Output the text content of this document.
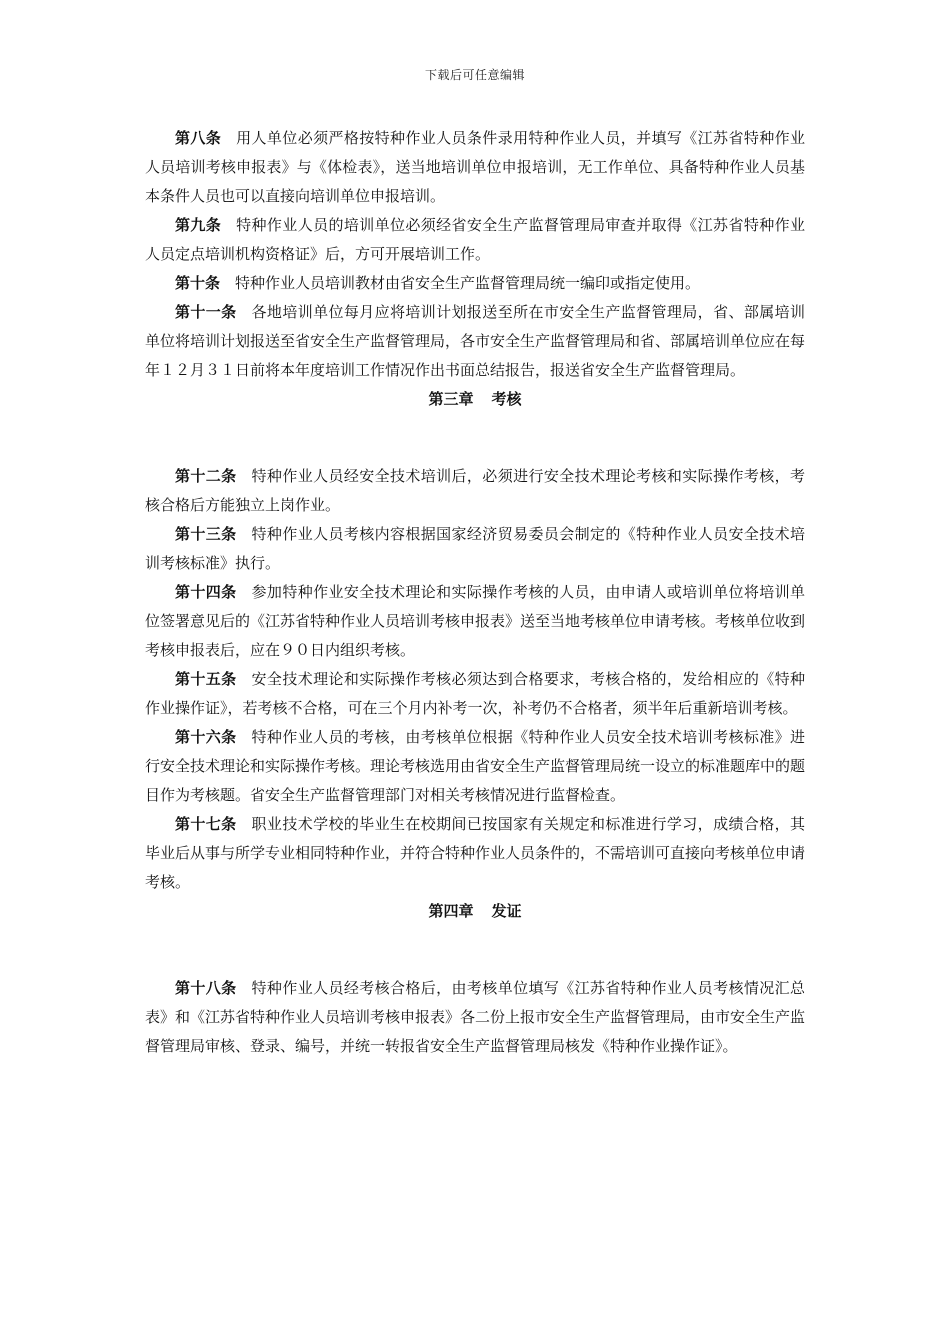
下载后可任意编辑

第八条 用人单位必须严格按特种作业人员条件录用特种作业人员，并填写《江苏省特种作业人员培训考核申报表》与《体检表》，送当地培训单位申报培训，无工作单位、具备特种作业人员基本条件人员也可以直接向培训单位申报培训。

第九条 特种作业人员的培训单位必须经省安全生产监督管理局审查并取得《江苏省特种作业人员定点培训机构资格证》后，方可开展培训工作。

第十条 特种作业人员培训教材由省安全生产监督管理局统一编印或指定使用。

第十一条 各地培训单位每月应将培训计划报送至所在市安全生产监督管理局，省、部属培训单位将培训计划报送至省安全生产监督管理局，各市安全生产监督管理局和省、部属培训单位应在每年１２月３１日前将本年度培训工作情况作出书面总结报告，报送省安全生产监督管理局。

第三章 考核

第十二条 特种作业人员经安全技术培训后，必须进行安全技术理论考核和实际操作考核，考核合格后方能独立上岗作业。

第十三条 特种作业人员考核内容根据国家经济贸易委员会制定的《特种作业人员安全技术培训考核标准》执行。

第十四条 参加特种作业安全技术理论和实际操作考核的人员，由申请人或培训单位将培训单位签署意见后的《江苏省特种作业人员培训考核申报表》送至当地考核单位申请考核。考核单位收到考核申报表后，应在９０日内组织考核。

第十五条 安全技术理论和实际操作考核必须达到合格要求，考核合格的，发给相应的《特种作业操作证》，若考核不合格，可在三个月内补考一次，补考仍不合格者，须半年后重新培训考核。

第十六条 特种作业人员的考核，由考核单位根据《特种作业人员安全技术培训考核标准》进行安全技术理论和实际操作考核。理论考核选用由省安全生产监督管理局统一设立的标准题库中的题目作为考核题。省安全生产监督管理部门对相关考核情况进行监督检查。

第十七条 职业技术学校的毕业生在校期间已按国家有关规定和标准进行学习，成绩合格，其毕业后从事与所学专业相同特种作业，并符合特种作业人员条件的，不需培训可直接向考核单位申请考核。

第四章 发证

第十八条 特种作业人员经考核合格后，由考核单位填写《江苏省特种作业人员考核情况汇总表》和《江苏省特种作业人员培训考核申报表》各二份上报市安全生产监督管理局，由市安全生产监督管理局审核、登录、编号，并统一转报省安全生产监督管理局核发《特种作业操作证》。
